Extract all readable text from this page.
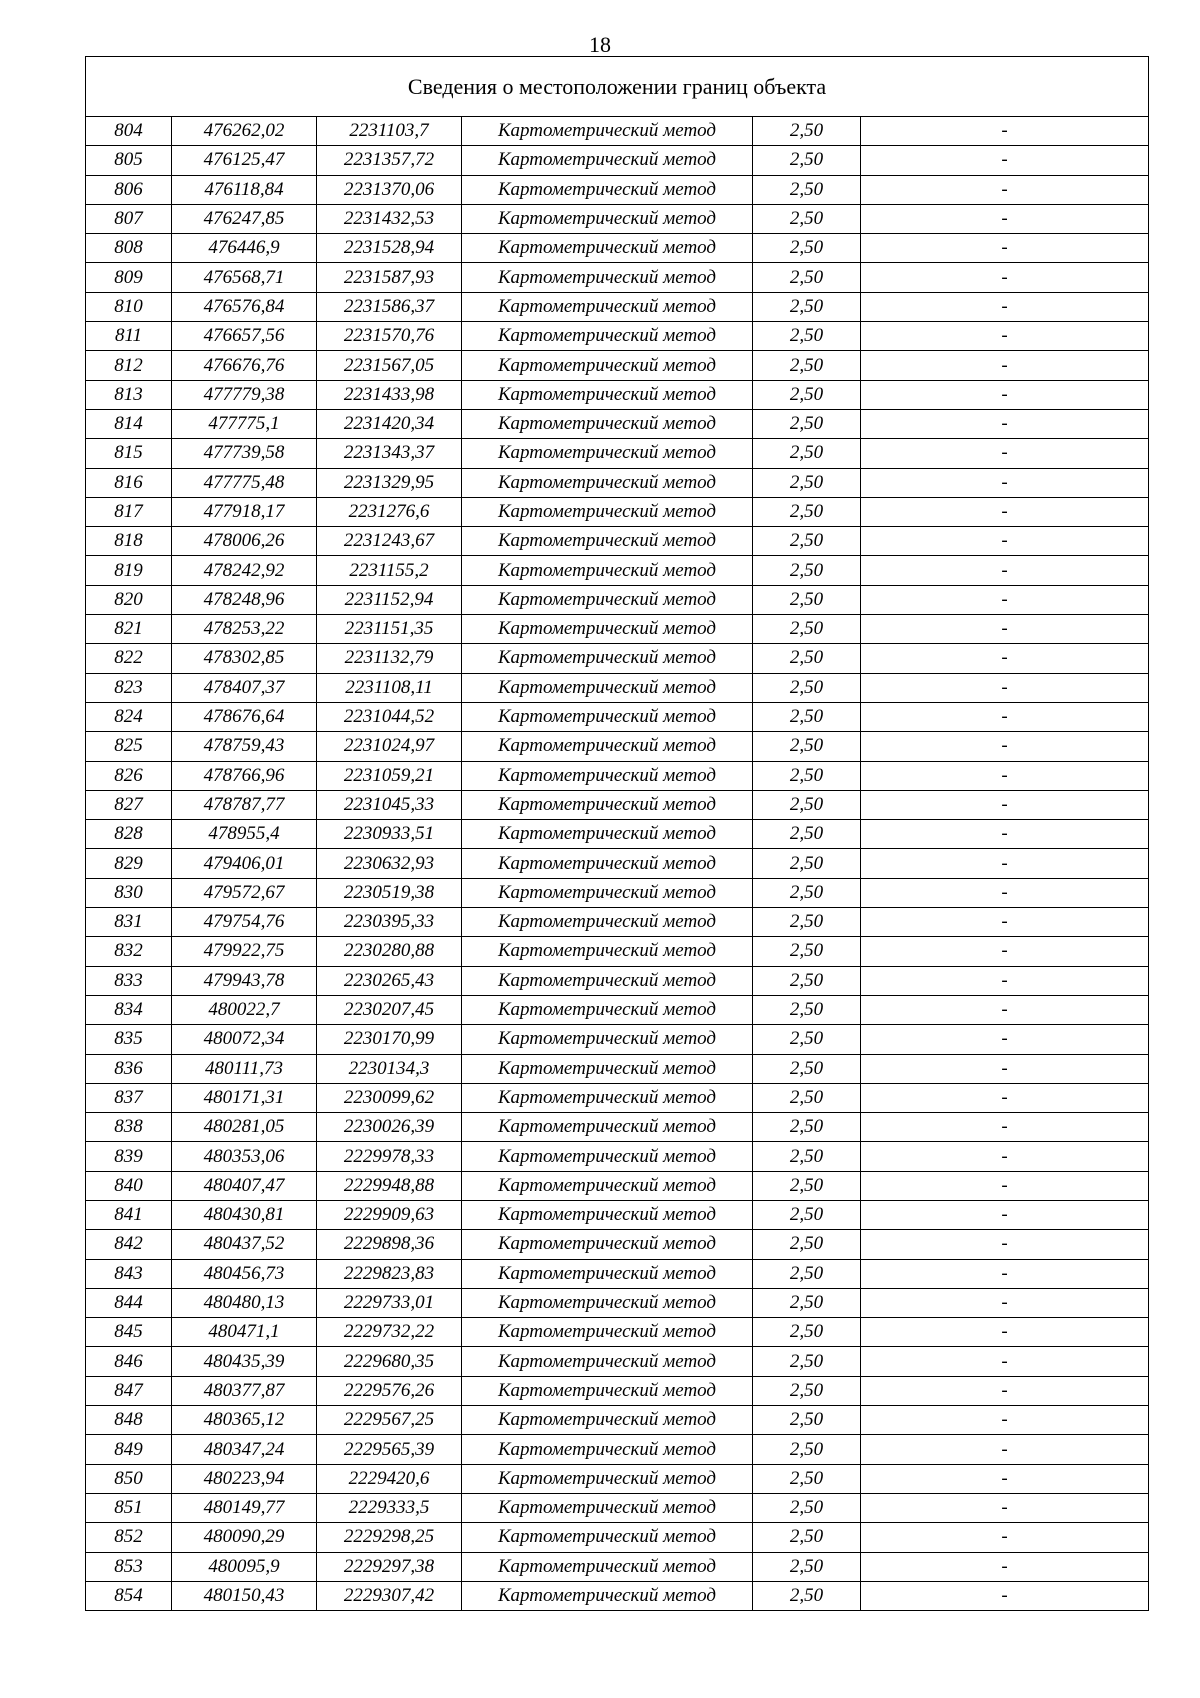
18
Сведения о местоположении границ объекта					
804	476262,02	2231103,7	Картометрический метод	2,50	-
805	476125,47	2231357,72	Картометрический метод	2,50	-
806	476118,84	2231370,06	Картометрический метод	2,50	-
807	476247,85	2231432,53	Картометрический метод	2,50	-
808	476446,9	2231528,94	Картометрический метод	2,50	-
809	476568,71	2231587,93	Картометрический метод	2,50	-
810	476576,84	2231586,37	Картометрический метод	2,50	-
811	476657,56	2231570,76	Картометрический метод	2,50	-
812	476676,76	2231567,05	Картометрический метод	2,50	-
813	477779,38	2231433,98	Картометрический метод	2,50	-
814	477775,1	2231420,34	Картометрический метод	2,50	-
815	477739,58	2231343,37	Картометрический метод	2,50	-
816	477775,48	2231329,95	Картометрический метод	2,50	-
817	477918,17	2231276,6	Картометрический метод	2,50	-
818	478006,26	2231243,67	Картометрический метод	2,50	-
819	478242,92	2231155,2	Картометрический метод	2,50	-
820	478248,96	2231152,94	Картометрический метод	2,50	-
821	478253,22	2231151,35	Картометрический метод	2,50	-
822	478302,85	2231132,79	Картометрический метод	2,50	-
823	478407,37	2231108,11	Картометрический метод	2,50	-
824	478676,64	2231044,52	Картометрический метод	2,50	-
825	478759,43	2231024,97	Картометрический метод	2,50	-
826	478766,96	2231059,21	Картометрический метод	2,50	-
827	478787,77	2231045,33	Картометрический метод	2,50	-
828	478955,4	2230933,51	Картометрический метод	2,50	-
829	479406,01	2230632,93	Картометрический метод	2,50	-
830	479572,67	2230519,38	Картометрический метод	2,50	-
831	479754,76	2230395,33	Картометрический метод	2,50	-
832	479922,75	2230280,88	Картометрический метод	2,50	-
833	479943,78	2230265,43	Картометрический метод	2,50	-
834	480022,7	2230207,45	Картометрический метод	2,50	-
835	480072,34	2230170,99	Картометрический метод	2,50	-
836	480111,73	2230134,3	Картометрический метод	2,50	-
837	480171,31	2230099,62	Картометрический метод	2,50	-
838	480281,05	2230026,39	Картометрический метод	2,50	-
839	480353,06	2229978,33	Картометрический метод	2,50	-
840	480407,47	2229948,88	Картометрический метод	2,50	-
841	480430,81	2229909,63	Картометрический метод	2,50	-
842	480437,52	2229898,36	Картометрический метод	2,50	-
843	480456,73	2229823,83	Картометрический метод	2,50	-
844	480480,13	2229733,01	Картометрический метод	2,50	-
845	480471,1	2229732,22	Картометрический метод	2,50	-
846	480435,39	2229680,35	Картометрический метод	2,50	-
847	480377,87	2229576,26	Картометрический метод	2,50	-
848	480365,12	2229567,25	Картометрический метод	2,50	-
849	480347,24	2229565,39	Картометрический метод	2,50	-
850	480223,94	2229420,6	Картометрический метод	2,50	-
851	480149,77	2229333,5	Картометрический метод	2,50	-
852	480090,29	2229298,25	Картометрический метод	2,50	-
853	480095,9	2229297,38	Картометрический метод	2,50	-
854	480150,43	2229307,42	Картометрический метод	2,50	-
